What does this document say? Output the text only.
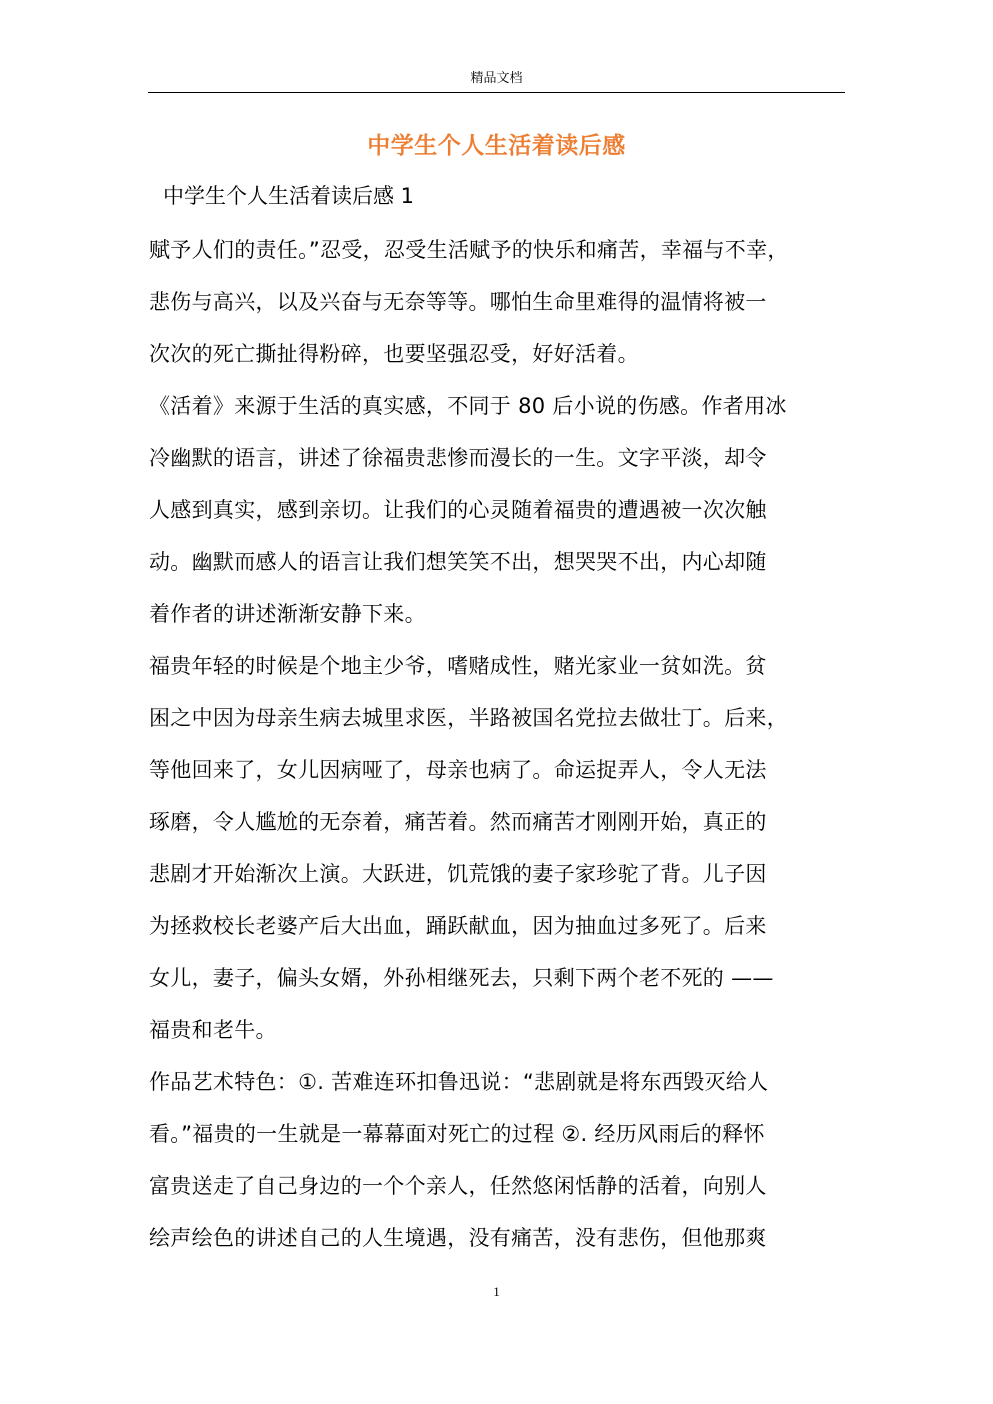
精品文档
中学生个人生活着读后感
中学生个人生活着读后感 1
赋予人们的责任。”忍受，忍受生活赋予的快乐和痛苦，幸福与不幸，
悲伤与高兴，以及兴奋与无奈等等。哪怕生命里难得的温情将被一
次次的死亡撕扯得粉碎，也要坚强忍受，好好活着。
《活着》来源于生活的真实感，不同于 80 后小说的伤感。作者用冰
冷幽默的语言，讲述了徐福贵悲惨而漫长的一生。文字平淡，却令
人感到真实，感到亲切。让我们的心灵随着福贵的遭遇被一次次触
动。幽默而感人的语言让我们想笑笑不出，想哭哭不出，内心却随
着作者的讲述渐渐安静下来。
福贵年轻的时候是个地主少爷，嗜赌成性，赌光家业一贫如洗。贫
困之中因为母亲生病去城里求医，半路被国名党拉去做壮丁。后来，
等他回来了，女儿因病哑了，母亲也病了。命运捉弄人，令人无法
琢磨，令人尴尬的无奈着，痛苦着。然而痛苦才刚刚开始，真正的
悲剧才开始渐次上演。大跃进，饥荒饿的妻子家珍驼了背。儿子因
为拯救校长老婆产后大出血，踊跃献血，因为抽血过多死了。后来
女儿，妻子，偏头女婿，外孙相继死去，只剩下两个老不死的 ——
福贵和老牛。
作品艺术特色：①. 苦难连环扣鲁迅说：“悲剧就是将东西毁灭给人
看。”福贵的一生就是一幕幕面对死亡的过程 ②. 经历风雨后的释怀
富贵送走了自己身边的一个个亲人，任然悠闲恬静的活着，向别人
绘声绘色的讲述自己的人生境遇，没有痛苦，没有悲伤，但他那爽
1
